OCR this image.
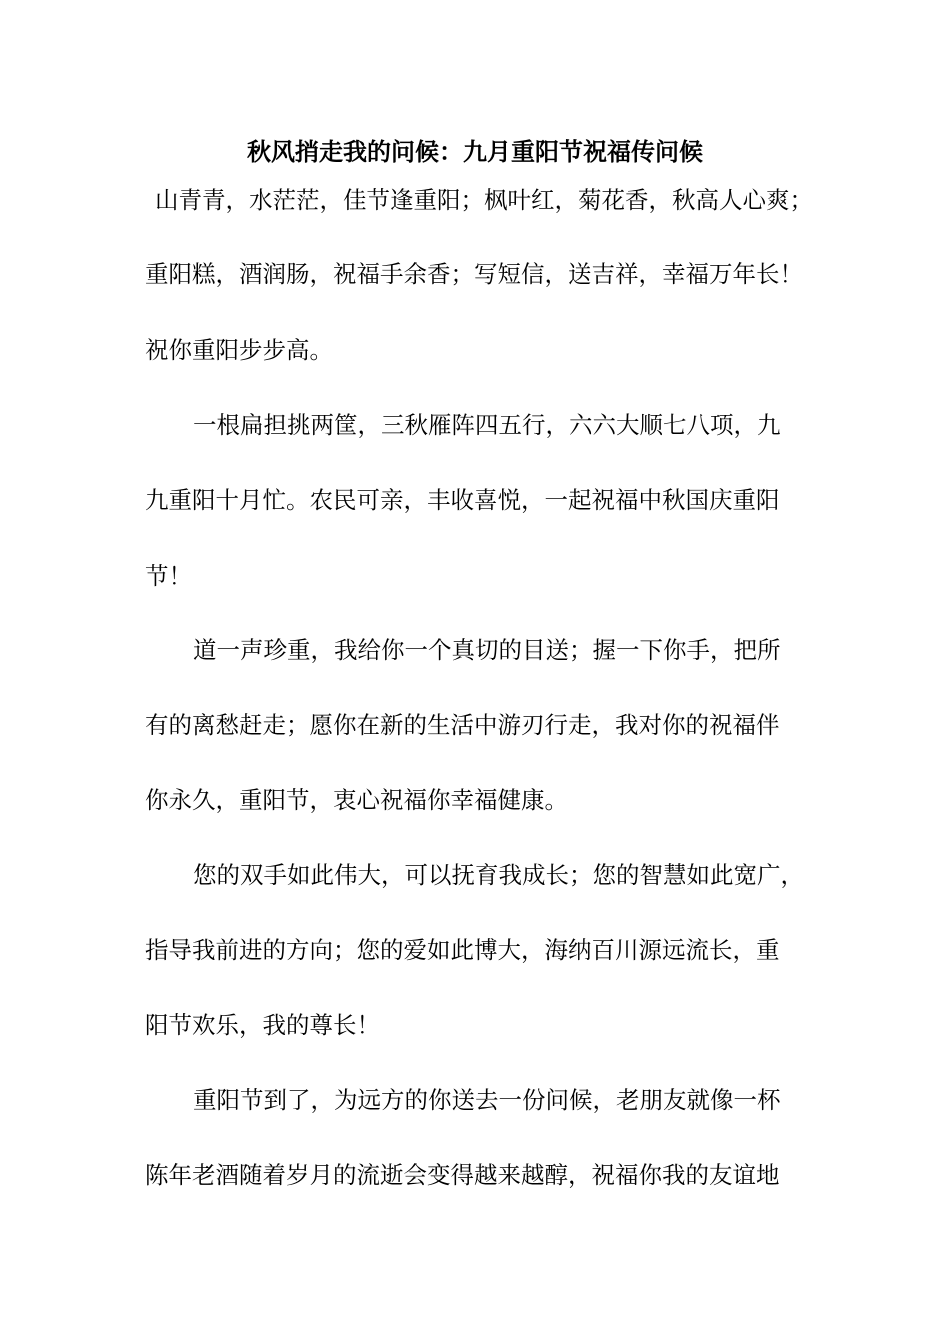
秋风捎走我的问候：九月重阳节祝福传问候
山青青，水茫茫，佳节逢重阳；枫叶红，菊花香，秋高人心爽；
重阳糕，酒润肠，祝福手余香；写短信，送吉祥，幸福万年长！
祝你重阳步步高。
一根扁担挑两筐，三秋雁阵四五行，六六大顺七八项，九
九重阳十月忙。农民可亲，丰收喜悦，一起祝福中秋国庆重阳
节！
道一声珍重，我给你一个真切的目送；握一下你手，把所
有的离愁赶走；愿你在新的生活中游刃行走，我对你的祝福伴
你永久，重阳节，衷心祝福你幸福健康。
您的双手如此伟大，可以抚育我成长；您的智慧如此宽广，
指导我前进的方向；您的爱如此博大，海纳百川源远流长，重
阳节欢乐，我的尊长！
重阳节到了，为远方的你送去一份问候，老朋友就像一杯
陈年老酒随着岁月的流逝会变得越来越醇，祝福你我的友谊地
